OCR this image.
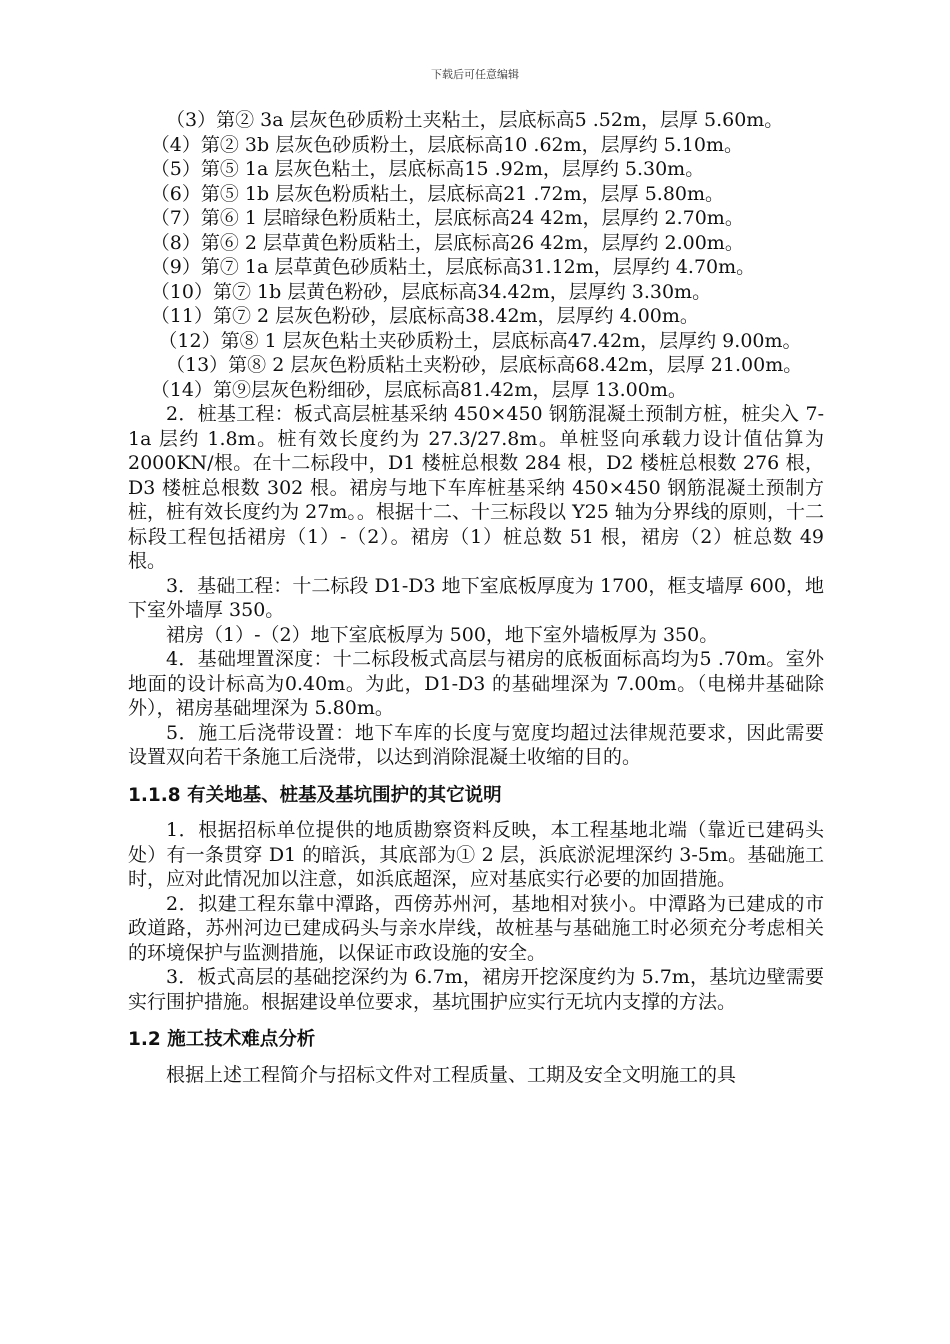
下载后可任意编辑

（3）第② 3a 层灰色砂质粉土夹粘土，层底标高5 .52m，层厚 5.60m。

（4）第② 3b 层灰色砂质粉土，层底标高10 .62m，层厚约 5.10m。

（5）第⑤ 1a 层灰色粘土，层底标高15 .92m，层厚约 5.30m。

（6）第⑤ 1b 层灰色粉质粘土，层底标高21 .72m，层厚 5.80m。

（7）第⑥ 1 层暗绿色粉质粘土，层底标高24 42m，层厚约 2.70m。

（8）第⑥ 2 层草黄色粉质粘土，层底标高26 42m，层厚约 2.00m。

（9）第⑦ 1a 层草黄色砂质粘土，层底标高31.12m，层厚约 4.70m。

（10）第⑦ 1b 层黄色粉砂，层底标高34.42m，层厚约 3.30m。

（11）第⑦ 2 层灰色粉砂，层底标高38.42m，层厚约 4.00m。

（12）第⑧ 1 层灰色粘土夹砂质粉土，层底标高47.42m，层厚约 9.00m。

（13）第⑧ 2 层灰色粉质粘土夹粉砂，层底标高68.42m，层厚 21.00m。

（14）第⑨层灰色粉细砂，层底标高81.42m，层厚 13.00m。

2．桩基工程：板式高层桩基采纳 450×450 钢筋混凝土预制方桩，桩尖入 7-1a 层约 1.8m。桩有效长度约为 27.3/27.8m。单桩竖向承载力设计值估算为 2000KN/根。在十二标段中，D1 楼桩总根数 284 根，D2 楼桩总根数 276 根，D3 楼桩总根数 302 根。裙房与地下车库桩基采纳 450×450 钢筋混凝土预制方桩，桩有效长度约为 27m。。根据十二、十三标段以 Y25 轴为分界线的原则，十二标段工程包括裙房（1）-（2）。裙房（1）桩总数 51 根，裙房（2）桩总数 49 根。

3．基础工程：十二标段 D1-D3 地下室底板厚度为 1700，框支墙厚 600，地下室外墙厚 350。

裙房（1）-（2）地下室底板厚为 500，地下室外墙板厚为 350。

4．基础埋置深度：十二标段板式高层与裙房的底板面标高均为5 .70m。室外地面的设计标高为0.40m。为此，D1-D3 的基础埋深为 7.00m。（电梯井基础除外），裙房基础埋深为 5.80m。

5．施工后浇带设置：地下车库的长度与宽度均超过法律规范要求，因此需要设置双向若干条施工后浇带，以达到消除混凝土收缩的目的。

1.1.8 有关地基、桩基及基坑围护的其它说明

1．根据招标单位提供的地质勘察资料反映，本工程基地北端（靠近已建码头处）有一条贯穿 D1 的暗浜，其底部为① 2 层，浜底淤泥埋深约 3-5m。基础施工时，应对此情况加以注意，如浜底超深，应对基底实行必要的加固措施。

2．拟建工程东靠中潭路，西傍苏州河，基地相对狭小。中潭路为已建成的市政道路，苏州河边已建成码头与亲水岸线，故桩基与基础施工时必须充分考虑相关的环境保护与监测措施，以保证市政设施的安全。

3．板式高层的基础挖深约为 6.7m，裙房开挖深度约为 5.7m，基坑边壁需要实行围护措施。根据建设单位要求，基坑围护应实行无坑内支撑的方法。

1.2 施工技术难点分析

根据上述工程简介与招标文件对工程质量、工期及安全文明施工的具
